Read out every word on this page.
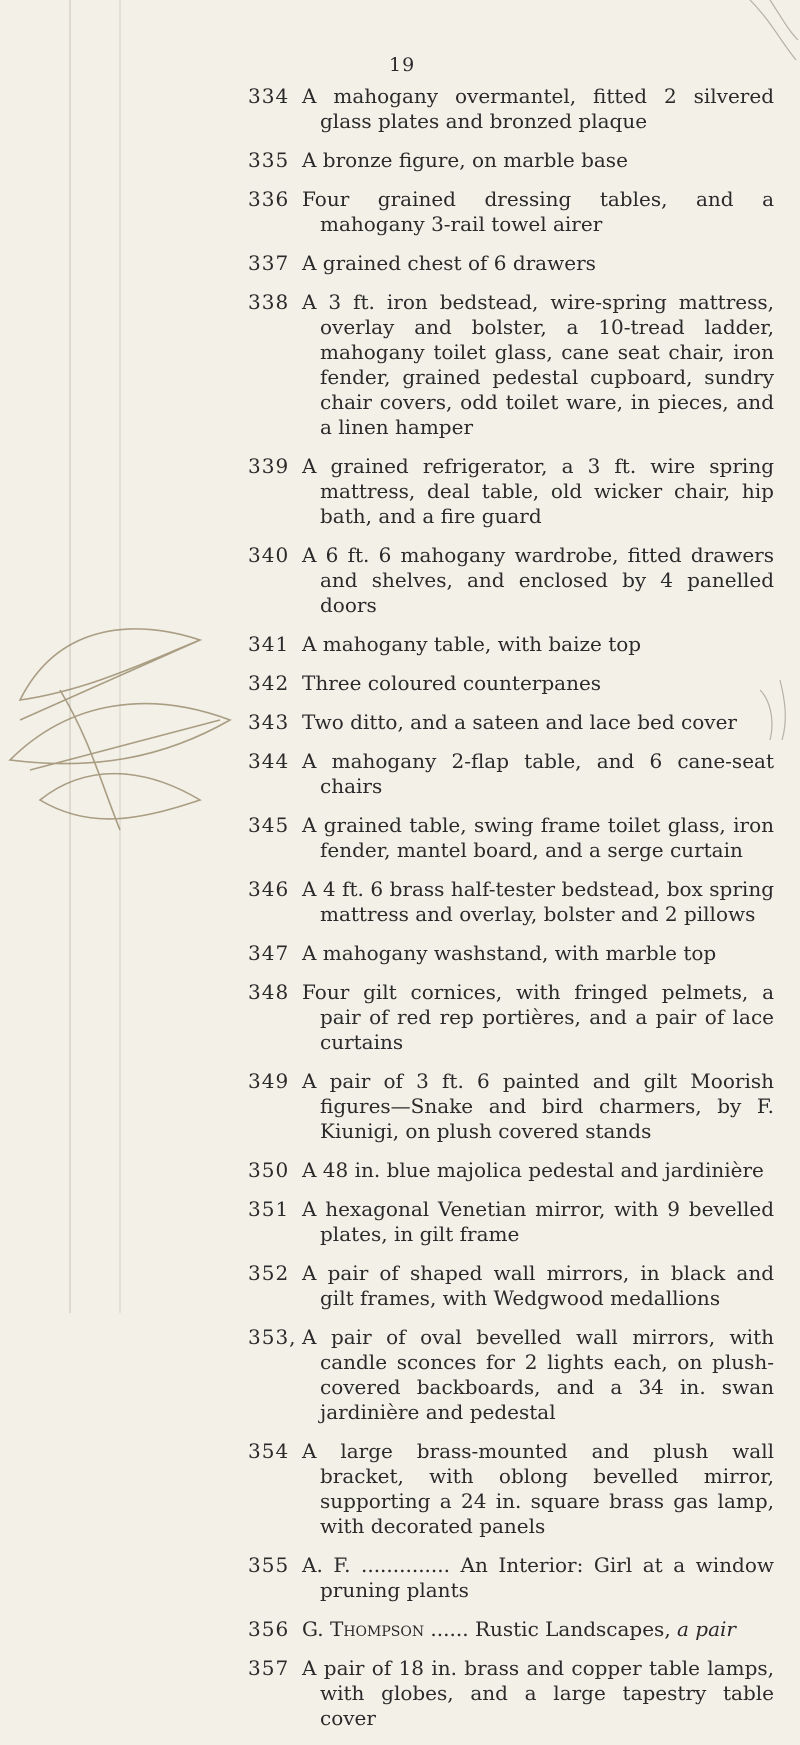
19
334 A mahogany overmantel, fitted 2 silvered glass plates and bronzed plaque
335 A bronze figure, on marble base
336 Four grained dressing tables, and a mahogany 3-rail towel airer
337 A grained chest of 6 drawers
338 A 3 ft. iron bedstead, wire-spring mattress, overlay and bolster, a 10-tread ladder, mahogany toilet glass, cane seat chair, iron fender, grained pedestal cupboard, sundry chair covers, odd toilet ware, in pieces, and a linen hamper
339 A grained refrigerator, a 3 ft. wire spring mattress, deal table, old wicker chair, hip bath, and a fire guard
340 A 6 ft. 6 mahogany wardrobe, fitted drawers and shelves, and enclosed by 4 panelled doors
341 A mahogany table, with baize top
342 Three coloured counterpanes
343 Two ditto, and a sateen and lace bed cover
344 A mahogany 2-flap table, and 6 cane-seat chairs
345 A grained table, swing frame toilet glass, iron fender, mantel board, and a serge curtain
346 A 4 ft. 6 brass half-tester bedstead, box spring mattress and overlay, bolster and 2 pillows
347 A mahogany washstand, with marble top
348 Four gilt cornices, with fringed pelmets, a pair of red rep portières, and a pair of lace curtains
349 A pair of 3 ft. 6 painted and gilt Moorish figures—Snake and bird charmers, by F. Kiunigi, on plush covered stands
350 A 48 in. blue majolica pedestal and jardinière
351 A hexagonal Venetian mirror, with 9 bevelled plates, in gilt frame
352 A pair of shaped wall mirrors, in black and gilt frames, with Wedgwood medallions
353, A pair of oval bevelled wall mirrors, with candle sconces for 2 lights each, on plush-covered backboards, and a 34 in. swan jardinière and pedestal
354 A large brass-mounted and plush wall bracket, with oblong bevelled mirror, supporting a 24 in. square brass gas lamp, with decorated panels
355 A. F. .............. An Interior: Girl at a window pruning plants
356 G. Thompson ...... Rustic Landscapes, a pair
357 A pair of 18 in. brass and copper table lamps, with globes, and a large tapestry table cover
